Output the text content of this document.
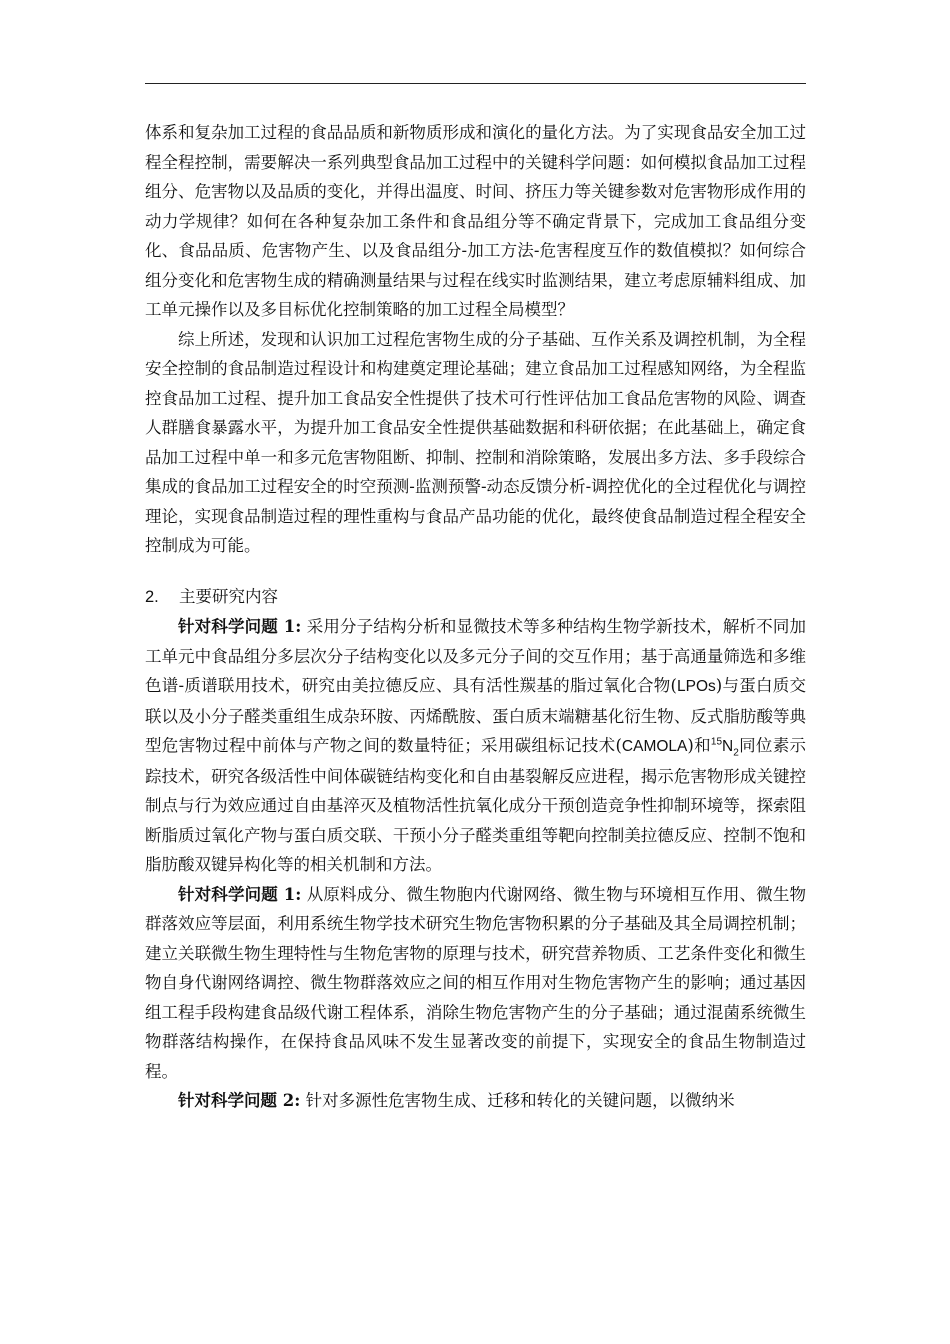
体系和复杂加工过程的食品品质和新物质形成和演化的量化方法。为了实现食品安全加工过程全程控制，需要解决一系列典型食品加工过程中的关键科学问题：如何模拟食品加工过程组分、危害物以及品质的变化，并得出温度、时间、挤压力等关键参数对危害物形成作用的动力学规律？如何在各种复杂加工条件和食品组分等不确定背景下，完成加工食品组分变化、食品品质、危害物产生、以及食品组分-加工方法-危害程度互作的数值模拟？如何综合组分变化和危害物生成的精确测量结果与过程在线实时监测结果，建立考虑原辅料组成、加工单元操作以及多目标优化控制策略的加工过程全局模型？

综上所述，发现和认识加工过程危害物生成的分子基础、互作关系及调控机制，为全程安全控制的食品制造过程设计和构建奠定理论基础；建立食品加工过程感知网络，为全程监控食品加工过程、提升加工食品安全性提供了技术可行性评估加工食品危害物的风险、调查人群膳食暴露水平，为提升加工食品安全性提供基础数据和科研依据；在此基础上，确定食品加工过程中单一和多元危害物阻断、抑制、控制和消除策略，发展出多方法、多手段综合集成的食品加工过程安全的时空预测-监测预警-动态反馈分析-调控优化的全过程优化与调控理论，实现食品制造过程的理性重构与食品产品功能的优化，最终使食品制造过程全程安全控制成为可能。

2. 主要研究内容

针对科学问题 1: 采用分子结构分析和显微技术等多种结构生物学新技术，解析不同加工单元中食品组分多层次分子结构变化以及多元分子间的交互作用；基于高通量筛选和多维色谱-质谱联用技术，研究由美拉德反应、具有活性羰基的脂过氧化合物(LPOs)与蛋白质交联以及小分子醛类重组生成杂环胺、丙烯酰胺、蛋白质末端糖基化衍生物、反式脂肪酸等典型危害物过程中前体与产物之间的数量特征；采用碳组标记技术(CAMOLA)和$^{15}N_2$同位素示踪技术，研究各级活性中间体碳链结构变化和自由基裂解反应进程，揭示危害物形成关键控制点与行为效应通过自由基淬灭及植物活性抗氧化成分干预创造竞争性抑制环境等，探索阻断脂质过氧化产物与蛋白质交联、干预小分子醛类重组等靶向控制美拉德反应、控制不饱和脂肪酸双键异构化等的相关机制和方法。

针对科学问题 1: 从原料成分、微生物胞内代谢网络、微生物与环境相互作用、微生物群落效应等层面，利用系统生物学技术研究生物危害物积累的分子基础及其全局调控机制；建立关联微生物生理特性与生物危害物的原理与技术，研究营养物质、工艺条件变化和微生物自身代谢网络调控、微生物群落效应之间的相互作用对生物危害物产生的影响；通过基因组工程手段构建食品级代谢工程体系，消除生物危害物产生的分子基础；通过混菌系统微生物群落结构操作，在保持食品风味不发生显著改变的前提下，实现安全的食品生物制造过程。

针对科学问题 2: 针对多源性危害物生成、迁移和转化的关键问题，以微纳米
